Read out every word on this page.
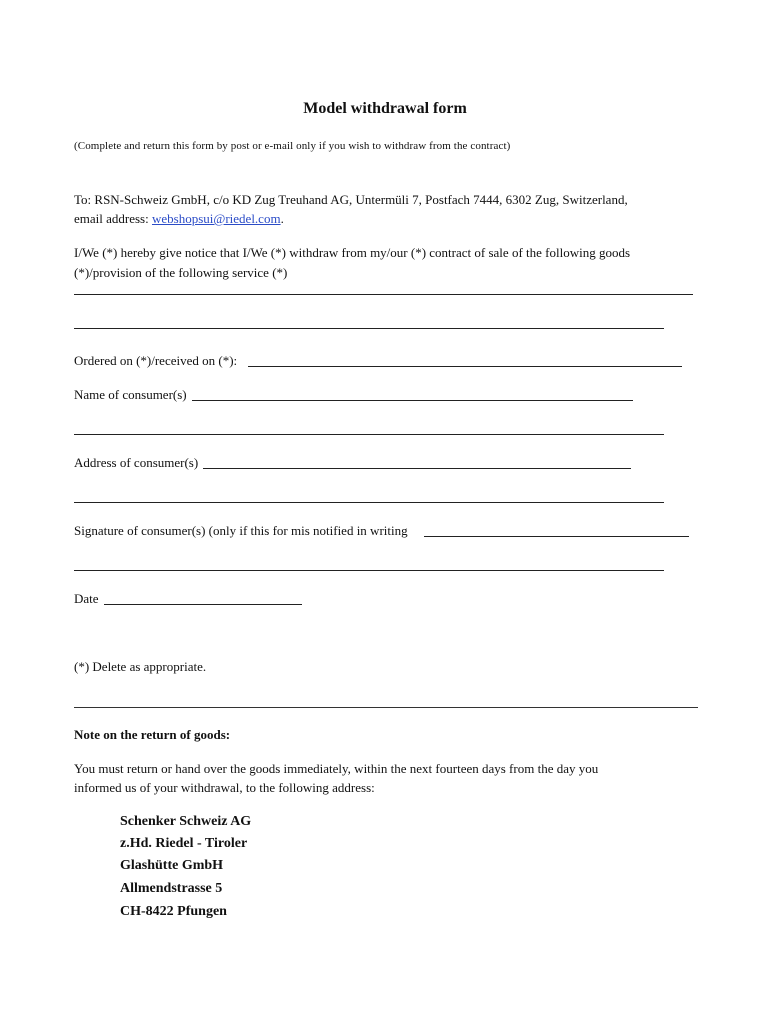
Model withdrawal form
(Complete and return this form by post or e-mail only if you wish to withdraw from the contract)
To: RSN-Schweiz GmbH, c/o KD Zug Treuhand AG, Untermüli 7, Postfach 7444, 6302 Zug, Switzerland,
email address: webshopsui@riedel.com.
I/We (*) hereby give notice that I/We (*) withdraw from my/our (*) contract of sale of the following goods
(*)/provision of the following service (*)
Ordered on (*)/received on (*):
Name of consumer(s)
Address of consumer(s)
Signature of consumer(s) (only if this for mis notified in writing
Date
(*) Delete as appropriate.
Note on the return of goods:
You must return or hand over the goods immediately, within the next fourteen days from the day you
informed us of your withdrawal, to the following address:
Schenker Schweiz AG
z.Hd. Riedel - Tiroler
Glashütte GmbH
Allmendstrasse 5
CH-8422 Pfungen
